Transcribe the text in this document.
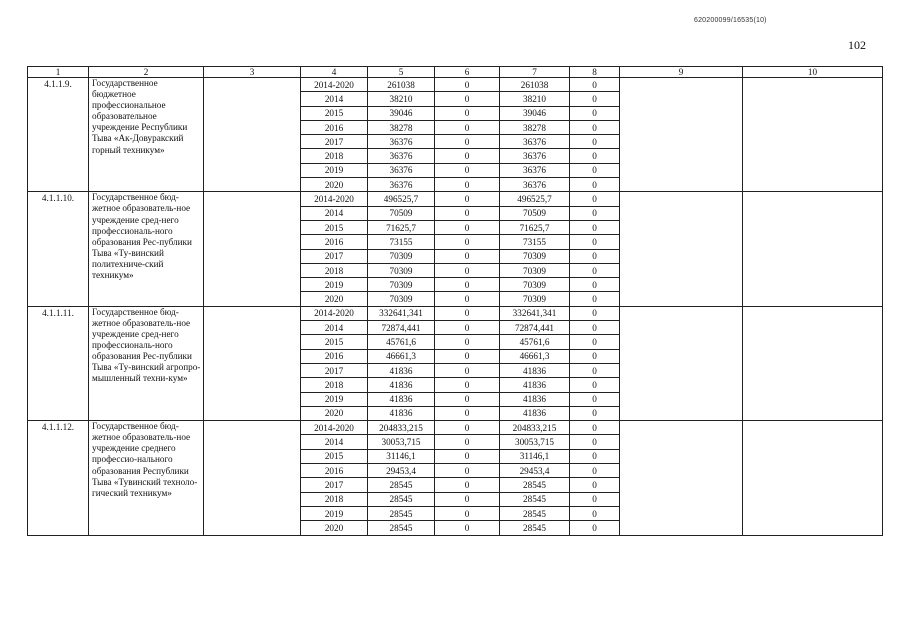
620200099/16535(10)
102
1	2	3	4	5	6	7	8	9	10
4.1.1.9.	Государственное бюджетное профессиональное образовательное учреждение Республики Тыва «Ак-Довуракский горный техникум»		2014-2020	261038	0	261038	0		
			2014	38210	0	38210	0		
			2015	39046	0	39046	0		
			2016	38278	0	38278	0		
			2017	36376	0	36376	0		
			2018	36376	0	36376	0		
			2019	36376	0	36376	0		
			2020	36376	0	36376	0		
4.1.1.10.	Государственное бюд-жетное образователь-ное учреждение сред-него профессиональ-ного образования Рес-публики Тыва «Ту-винский политехниче-ский техникум»		2014-2020	496525,7	0	496525,7	0		
			2014	70509	0	70509	0		
			2015	71625,7	0	71625,7	0		
			2016	73155	0	73155	0		
			2017	70309	0	70309	0		
			2018	70309	0	70309	0		
			2019	70309	0	70309	0		
			2020	70309	0	70309	0		
4.1.1.11.	Государственное бюд-жетное образователь-ное учреждение сред-него профессиональ-ного образования Рес-публики Тыва «Ту-винский агропро-мышленный техни-кум»		2014-2020	332641,341	0	332641,341	0		
			2014	72874,441	0	72874,441	0		
			2015	45761,6	0	45761,6	0		
			2016	46661,3	0	46661,3	0		
			2017	41836	0	41836	0		
			2018	41836	0	41836	0		
			2019	41836	0	41836	0		
			2020	41836	0	41836	0		
4.1.1.12.	Государственное бюд-жетное образователь-ное учреждение среднего профессио-нального образования Республики Тыва «Тувинский техноло-гический техникум»		2014-2020	204833,215	0	204833,215	0		
			2014	30053,715	0	30053,715	0		
			2015	31146,1	0	31146,1	0		
			2016	29453,4	0	29453,4	0		
			2017	28545	0	28545	0		
			2018	28545	0	28545	0		
			2019	28545	0	28545	0		
			2020	28545	0	28545	0		
